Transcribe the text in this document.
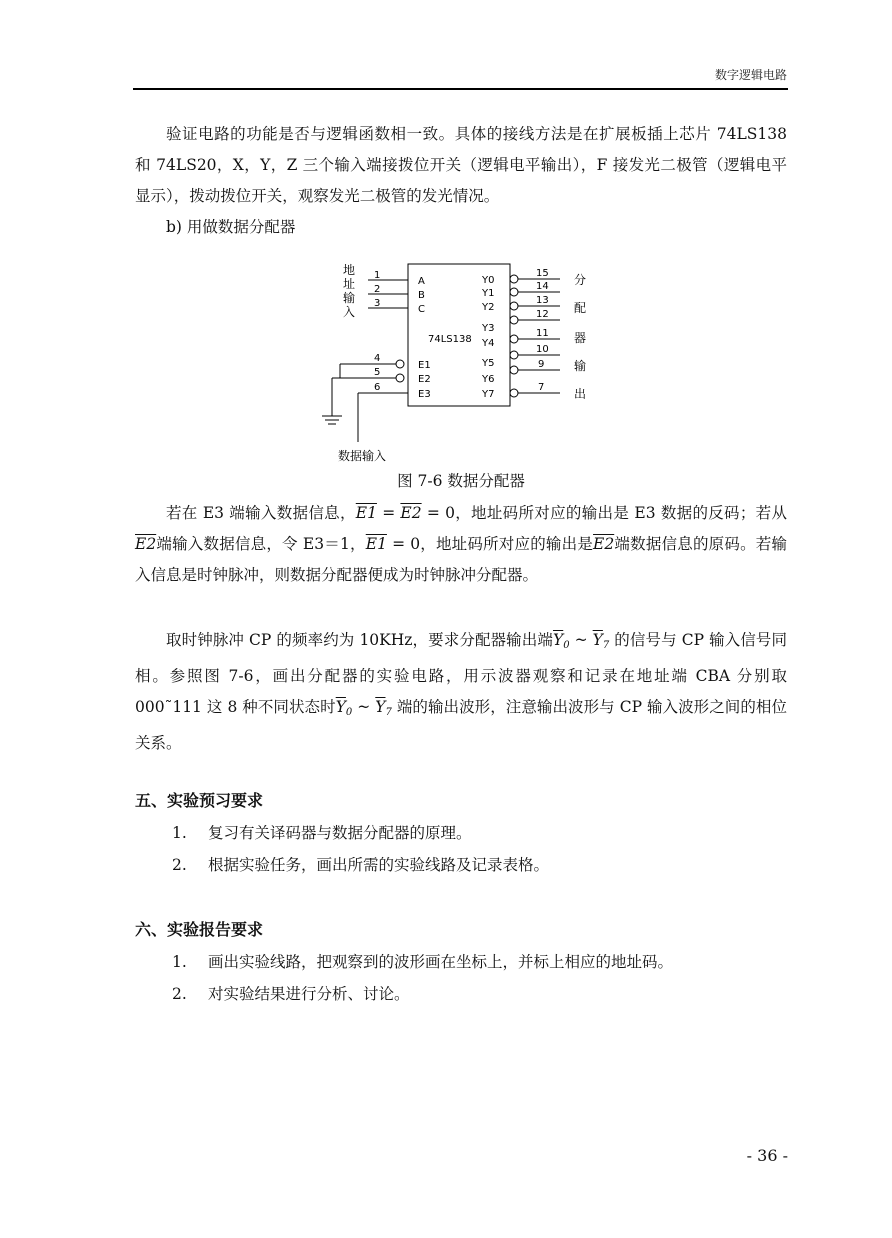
数字逻辑电路

验证电路的功能是否与逻辑函数相一致。具体的接线方法是在扩展板插上芯片 74LS138 和 74LS20，X，Y，Z 三个输入端接拨位开关（逻辑电平输出），F 接发光二极管（逻辑电平显示），拨动拨位开关，观察发光二极管的发光情况。

b) 用做数据分配器

地
址
输
入
1
2
3
4
5
6
A
B
C
E1
E2
E3
74LS138
Y0
Y1
Y2
Y3
Y4
Y5
Y6
Y7
15
14
13
12
11
10
9
7
分
配
器
输
出
数据输入
图 7-6 数据分配器

若在 E3 端输入数据信息，E1 = E2 = 0，地址码所对应的输出是 E3 数据的反码；若从E2端输入数据信息，令 E3＝1，E1 = 0，地址码所对应的输出是E2端数据信息的原码。若输入信息是时钟脉冲，则数据分配器便成为时钟脉冲分配器。

取时钟脉冲 CP 的频率约为 10KHz，要求分配器输出端$\overline{Y}_0$ ~ $\overline{Y}_7$ 的信号与 CP 输入信号同相。参照图 7-6，画出分配器的实验电路，用示波器观察和记录在地址端 CBA 分别取 000˜111 这 8 种不同状态时$\overline{Y}_0$ ~ $\overline{Y}_7$ 端的输出波形，注意输出波形与 CP 输入波形之间的相位关系。

五、实验预习要求
1. 复习有关译码器与数据分配器的原理。
2. 根据实验任务，画出所需的实验线路及记录表格。
六、实验报告要求
1. 画出实验线路，把观察到的波形画在坐标上，并标上相应的地址码。
2. 对实验结果进行分析、讨论。
- 36 -
